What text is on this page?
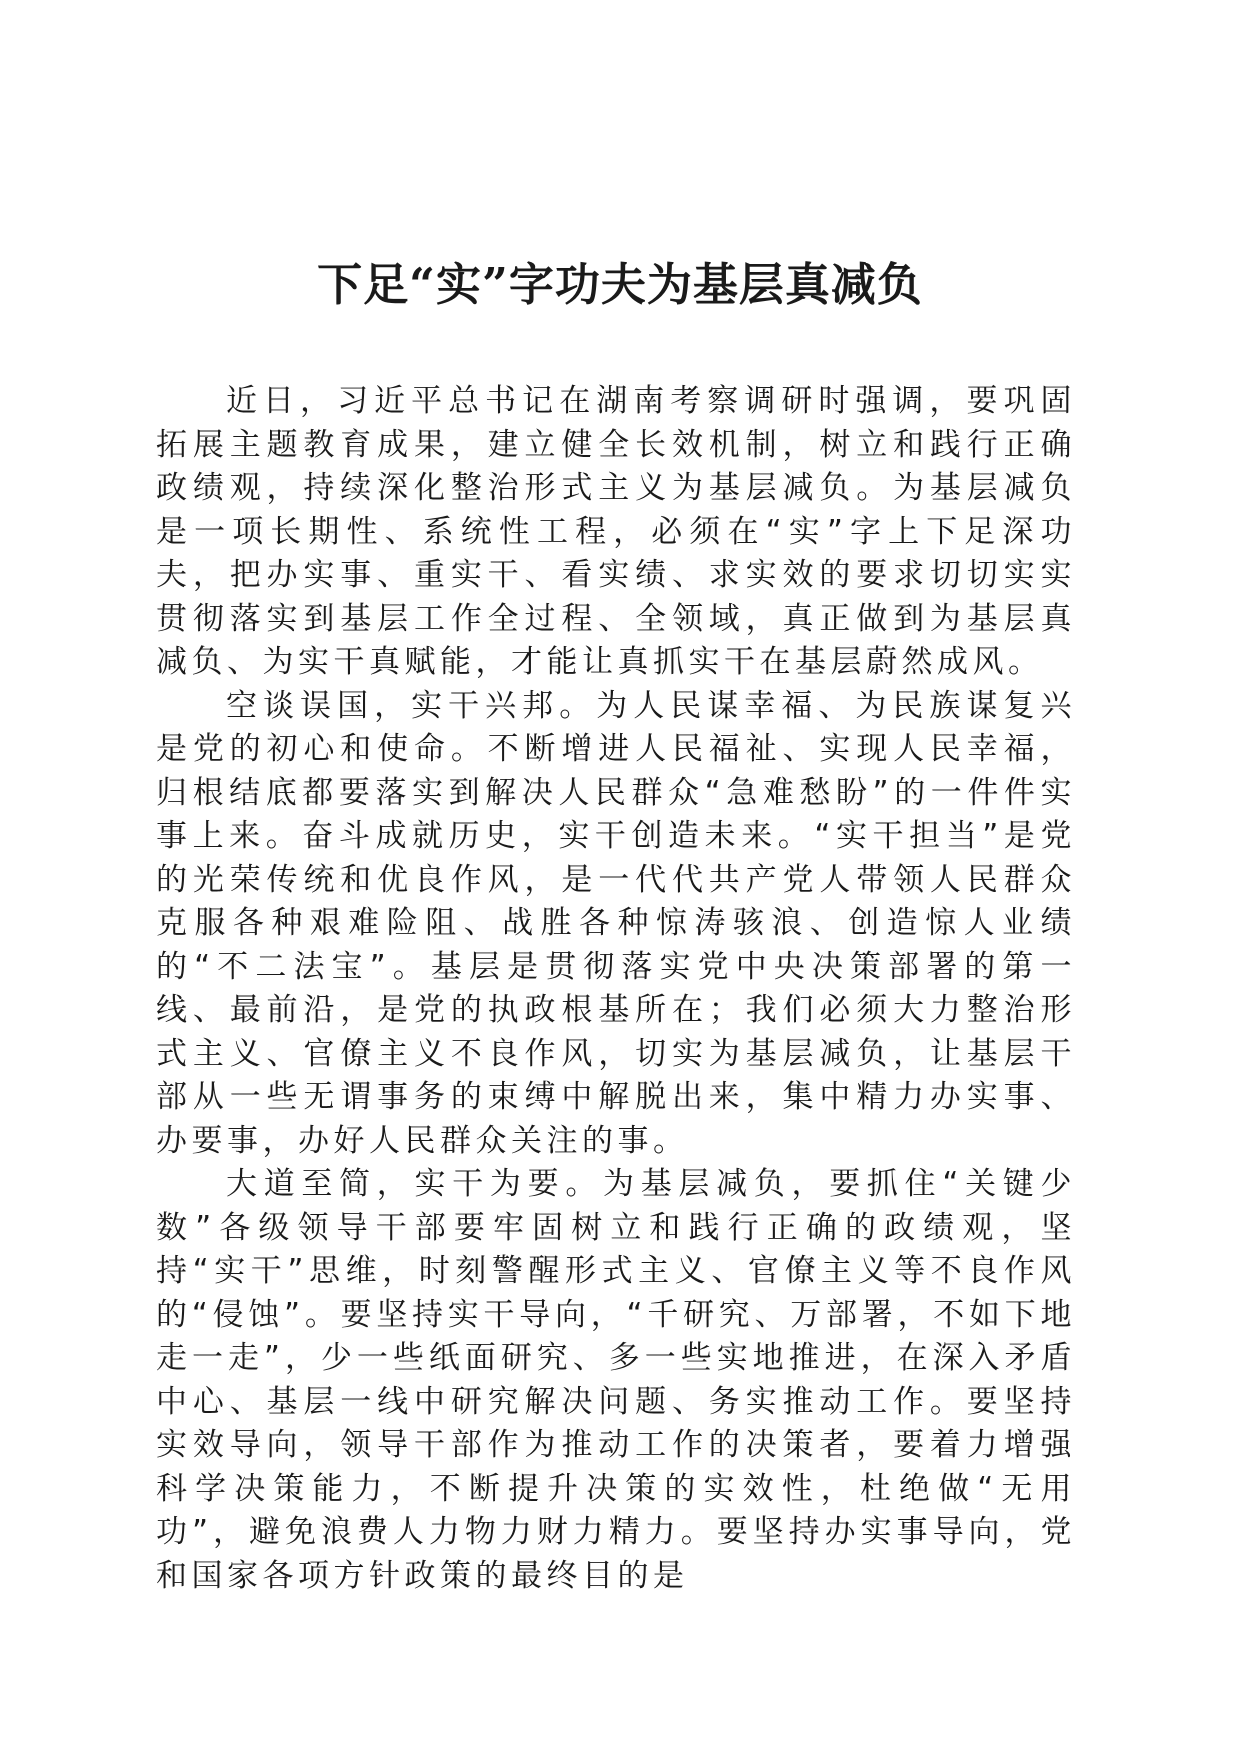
下足“实”字功夫为基层真减负

近日，习近平总书记在湖南考察调研时强调，要巩固拓展主题教育成果，建立健全长效机制，树立和践行正确政绩观，持续深化整治形式主义为基层减负。为基层减负是一项长期性、系统性工程，必须在“实”字上下足深功夫，把办实事、重实干、看实绩、求实效的要求切切实实贯彻落实到基层工作全过程、全领域，真正做到为基层真减负、为实干真赋能，才能让真抓实干在基层蔚然成风。

空谈误国，实干兴邦。为人民谋幸福、为民族谋复兴是党的初心和使命。不断增进人民福祉、实现人民幸福，归根结底都要落实到解决人民群众“急难愁盼”的一件件实事上来。奋斗成就历史，实干创造未来。“实干担当”是党的光荣传统和优良作风，是一代代共产党人带领人民群众克服各种艰难险阻、战胜各种惊涛骇浪、创造惊人业绩的“不二法宝”。基层是贯彻落实党中央决策部署的第一线、最前沿，是党的执政根基所在；我们必须大力整治形式主义、官僚主义不良作风，切实为基层减负，让基层干部从一些无谓事务的束缚中解脱出来，集中精力办实事、办要事，办好人民群众关注的事。

大道至简，实干为要。为基层减负，要抓住“关键少数”各级领导干部要牢固树立和践行正确的政绩观，坚持“实干”思维，时刻警醒形式主义、官僚主义等不良作风的“侵蚀”。要坚持实干导向，“千研究、万部署，不如下地走一走”，少一些纸面研究、多一些实地推进，在深入矛盾中心、基层一线中研究解决问题、务实推动工作。要坚持实效导向，领导干部作为推动工作的决策者，要着力增强科学决策能力，不断提升决策的实效性，杜绝做“无用功”，避免浪费人力物力财力精力。要坚持办实事导向，党和国家各项方针政策的最终目的是
